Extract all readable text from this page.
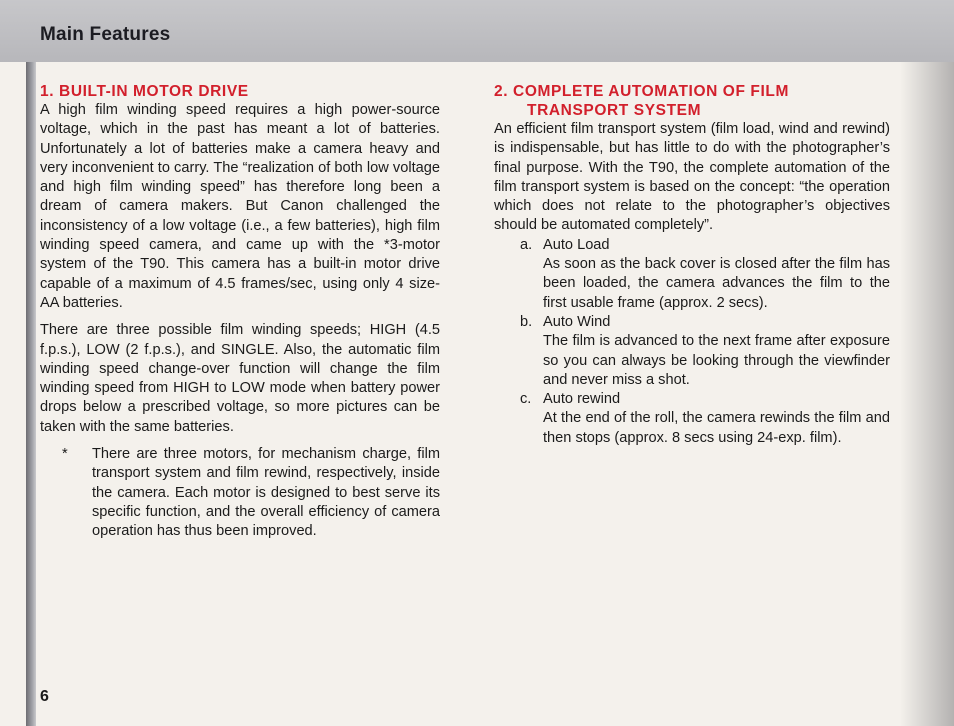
Main Features
1. BUILT-IN MOTOR DRIVE

A high film winding speed requires a high power-source voltage, which in the past has meant a lot of batteries. Unfortunately a lot of batteries make a camera heavy and very inconvenient to carry. The “realization of both low voltage and high film winding speed” has therefore long been a dream of camera makers. But Canon challenged the inconsistency of a low voltage (i.e., a few batteries), high film winding speed camera, and came up with the *3-motor system of the T90. This camera has a built-in motor drive capable of a maximum of 4.5 frames/sec, using only 4 size-AA batteries.

There are three possible film winding speeds; HIGH (4.5 f.p.s.), LOW (2 f.p.s.), and SINGLE. Also, the automatic film winding speed change-over function will change the film winding speed from HIGH to LOW mode when battery power drops below a prescribed voltage, so more pictures can be taken with the same batteries.

*	There are three motors, for mechanism charge, film transport system and film rewind, respectively, inside the camera. Each motor is designed to best serve its specific function, and the overall efficiency of camera operation has thus been improved.

2. COMPLETE AUTOMATION OF FILM
TRANSPORT SYSTEM

An efficient film transport system (film load, wind and rewind) is indispensable, but has little to do with the photographer’s final purpose. With the T90, the complete automation of the film transport system is based on the concept: “the operation which does not relate to the photographer’s objectives should be automated completely”.

a. Auto Load

As soon as the back cover is closed after the film has been loaded, the camera advances the film to the first usable frame (approx. 2 secs).

b. Auto Wind

The film is advanced to the next frame after exposure so you can always be looking through the viewfinder and never miss a shot.

c. Auto rewind

At the end of the roll, the camera rewinds the film and then stops (approx. 8 secs using 24-exp. film).

6
